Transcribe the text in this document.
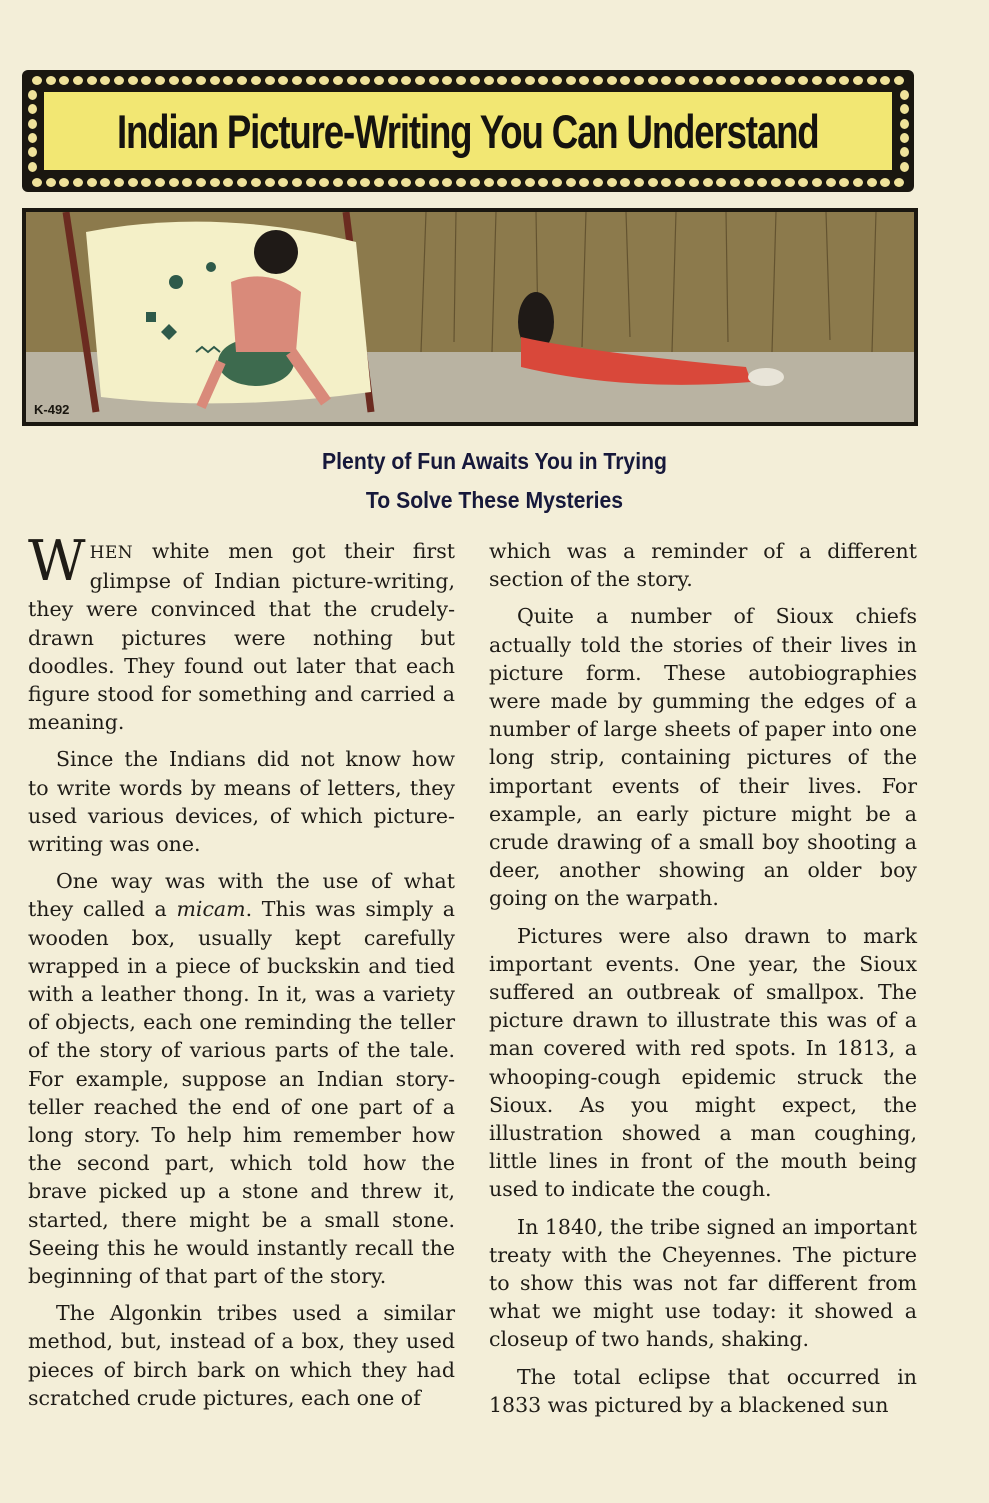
Indian Picture-Writing You Can Understand
K-492
Plenty of Fun Awaits You in Trying
To Solve These Mysteries

WHEN white men got their first glimpse of Indian picture-writing, they were convinced that the crudely-drawn pictures were nothing but doodles. They found out later that each figure stood for something and carried a meaning.

Since the Indians did not know how to write words by means of letters, they used various devices, of which picture-writing was one.

One way was with the use of what they called a micam. This was simply a wooden box, usually kept carefully wrapped in a piece of buckskin and tied with a leather thong. In it, was a variety of objects, each one reminding the teller of the story of various parts of the tale. For example, suppose an Indian story-teller reached the end of one part of a long story. To help him remember how the second part, which told how the brave picked up a stone and threw it, started, there might be a small stone. Seeing this he would instantly recall the beginning of that part of the story.

The Algonkin tribes used a similar method, but, instead of a box, they used pieces of birch bark on which they had scratched crude pictures, each one of

which was a reminder of a different section of the story.

Quite a number of Sioux chiefs actually told the stories of their lives in picture form. These autobiographies were made by gumming the edges of a number of large sheets of paper into one long strip, containing pictures of the important events of their lives. For example, an early picture might be a crude drawing of a small boy shooting a deer, another showing an older boy going on the warpath.

Pictures were also drawn to mark important events. One year, the Sioux suffered an outbreak of smallpox. The picture drawn to illustrate this was of a man covered with red spots. In 1813, a whooping-cough epidemic struck the Sioux. As you might expect, the illustration showed a man coughing, little lines in front of the mouth being used to indicate the cough.

In 1840, the tribe signed an important treaty with the Cheyennes. The picture to show this was not far different from what we might use today: it showed a closeup of two hands, shaking.

The total eclipse that occurred in 1833 was pictured by a blackened sun
